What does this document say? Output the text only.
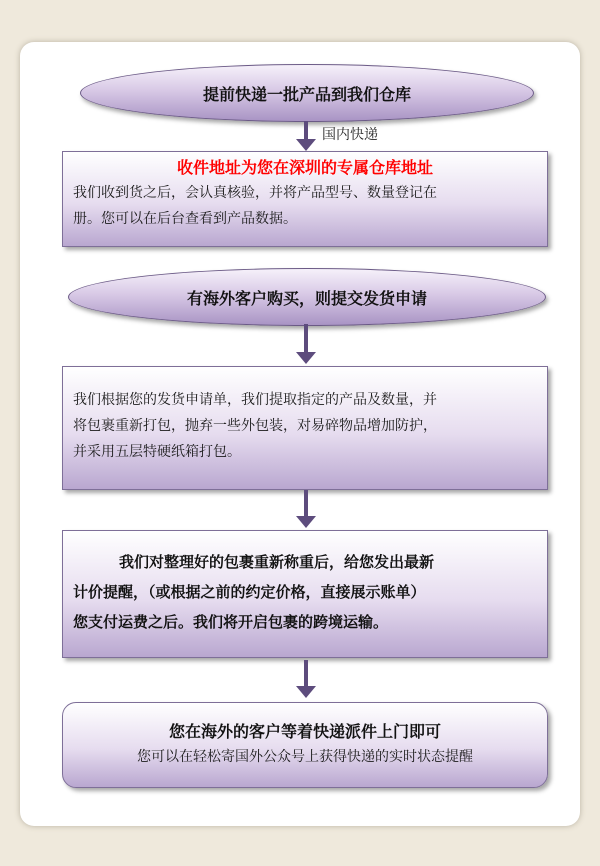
提前快递一批产品到我们仓库
国内快递
收件地址为您在深圳的专属仓库地址
我们收到货之后，会认真核验，并将产品型号、数量登记在
册。您可以在后台查看到产品数据。
有海外客户购买，则提交发货申请
我们根据您的发货申请单，我们提取指定的产品及数量，并
将包裹重新打包，抛弃一些外包装，对易碎物品增加防护，
并采用五层特硬纸箱打包。
我们对整理好的包裹重新称重后，给您发出最新
计价提醒，（或根据之前的约定价格，直接展示账单）
您支付运费之后。我们将开启包裹的跨境运输。
您在海外的客户等着快递派件上门即可
您可以在轻松寄国外公众号上获得快递的实时状态提醒
